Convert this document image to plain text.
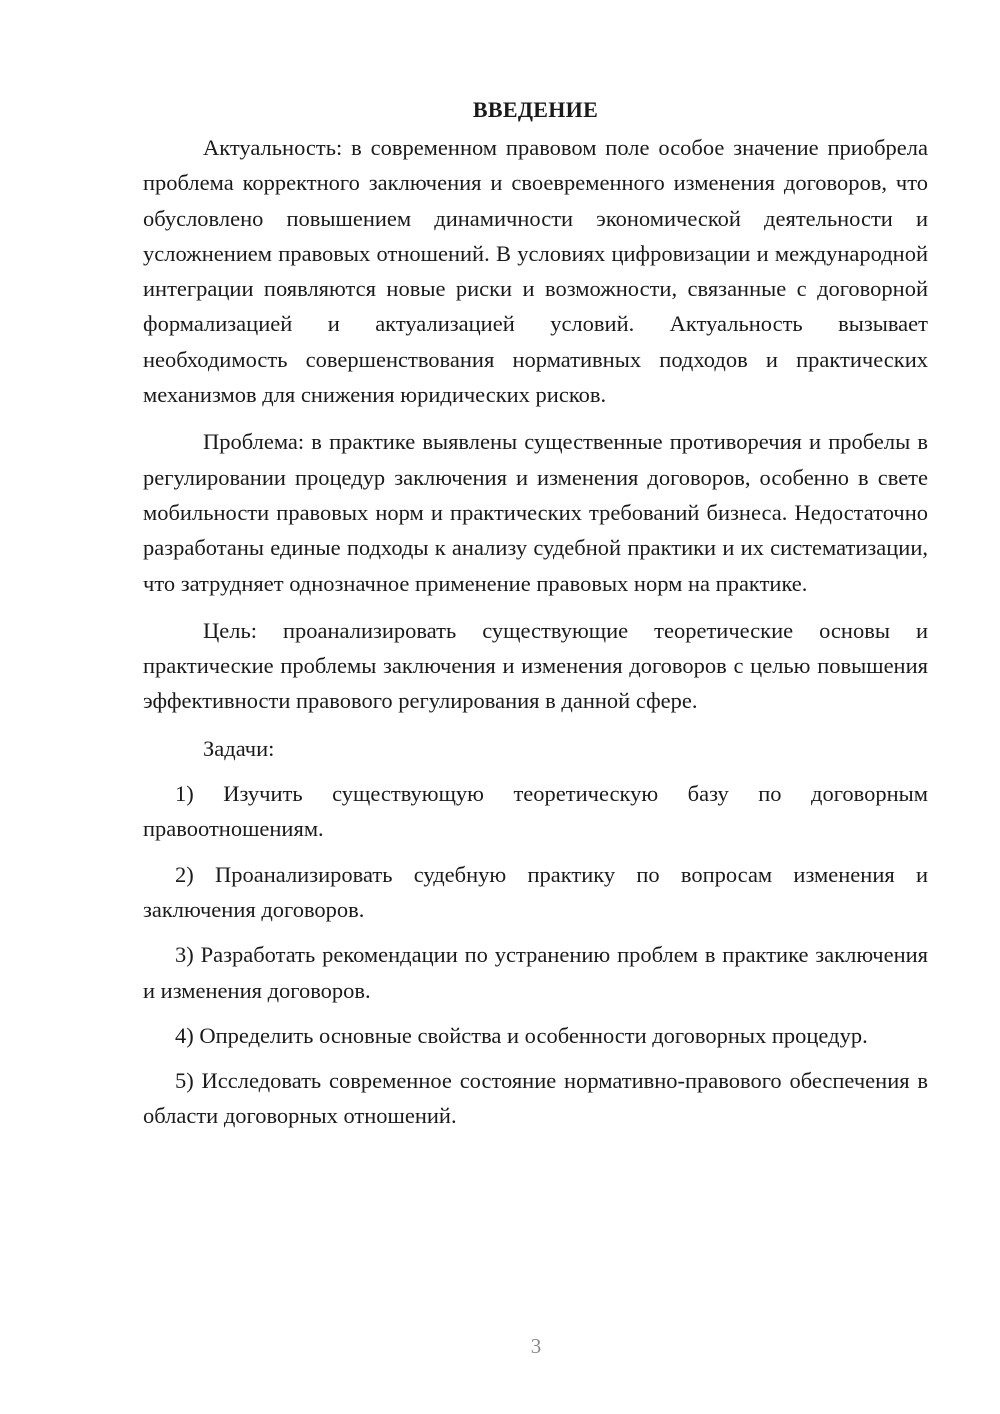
ВВЕДЕНИЕ

Актуальность: в современном правовом поле особое значение приобрела проблема корректного заключения и своевременного изменения договоров, что обусловлено повышением динамичности экономической деятельности и усложнением правовых отношений. В условиях цифровизации и международной интеграции появляются новые риски и возможности, связанные с договорной формализацией и актуализацией условий. Актуальность вызывает необходимость совершенствования нормативных подходов и практических механизмов для снижения юридических рисков.

Проблема: в практике выявлены существенные противоречия и пробелы в регулировании процедур заключения и изменения договоров, особенно в свете мобильности правовых норм и практических требований бизнеса. Недостаточно разработаны единые подходы к анализу судебной практики и их систематизации, что затрудняет однозначное применение правовых норм на практике.

Цель: проанализировать существующие теоретические основы и практические проблемы заключения и изменения договоров с целью повышения эффективности правового регулирования в данной сфере.

Задачи:

1) Изучить существующую теоретическую базу по договорным правоотношениям.

2) Проанализировать судебную практику по вопросам изменения и заключения договоров.

3) Разработать рекомендации по устранению проблем в практике заключения и изменения договоров.

4) Определить основные свойства и особенности договорных процедур.

5) Исследовать современное состояние нормативно-правового обеспечения в области договорных отношений.

3
